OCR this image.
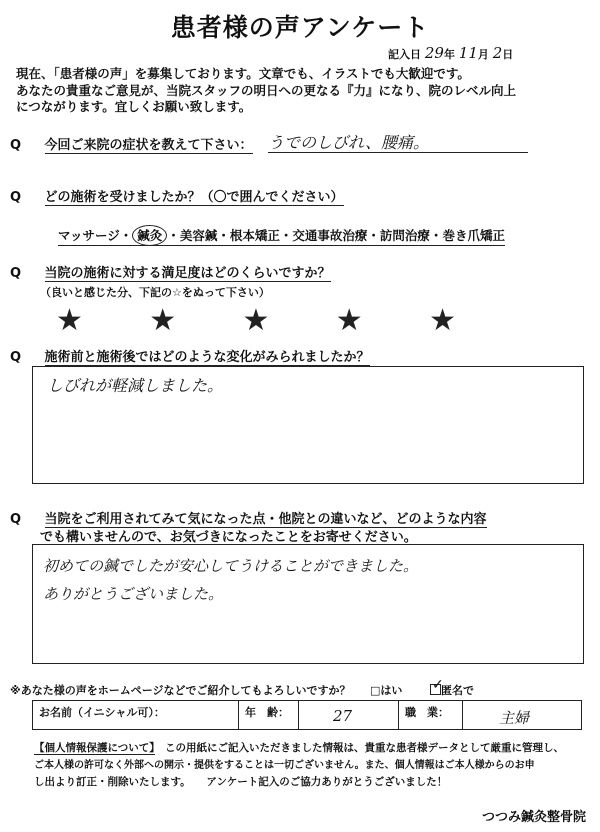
患者様の声アンケート
記入日 29年 11月 2日
現在、「患者様の声」を募集しております。文章でも、イラストでも大歓迎です。
あなたの貴重なご意見が、当院スタッフの明日への更なる『力』になり、院のレベル向上
につながります。宜しくお願い致します。
Q 今回ご来院の症状を教えて下さい： うでのしびれ、腰痛。
Q どの施術を受けましたか？（〇で囲んでください）
マッサージ・ 鍼灸 ・美容鍼・根本矯正・交通事故治療・訪問治療・巻き爪矯正
Q 当院の施術に対する満足度はどのくらいですか？
（良いと感じた分、下記の☆をぬって下さい）
★ ★ ★ ★ ★
Q 施術前と施術後ではどのような変化がみられましたか？
しびれが軽減しました。
Q 当院をご利用されてみて気になった点・他院との違いなど、どのような内容
でも構いませんので、お気づきになったことをお寄せください。
初めての鍼でしたが安心してうけることができました。
ありがとうございました。
※あなた様の声をホームページなどでご紹介してもよろしいですか？ □はい ✓
匿名で
お名前（イニシャル可）：	年　齢：	27	職　業：	主婦
【個人情報保護について】　 この用紙にご記入いただきました情報は、貴重な患者様データとして厳重に管理し、
ご本人様の許可なく外部への開示・提供をすることは一切ございません。また、個人情報はご本人様からのお申
し出より訂正・削除いたします。　　 アンケート記入のご協力ありがとうございました！
つつみ鍼灸整骨院
